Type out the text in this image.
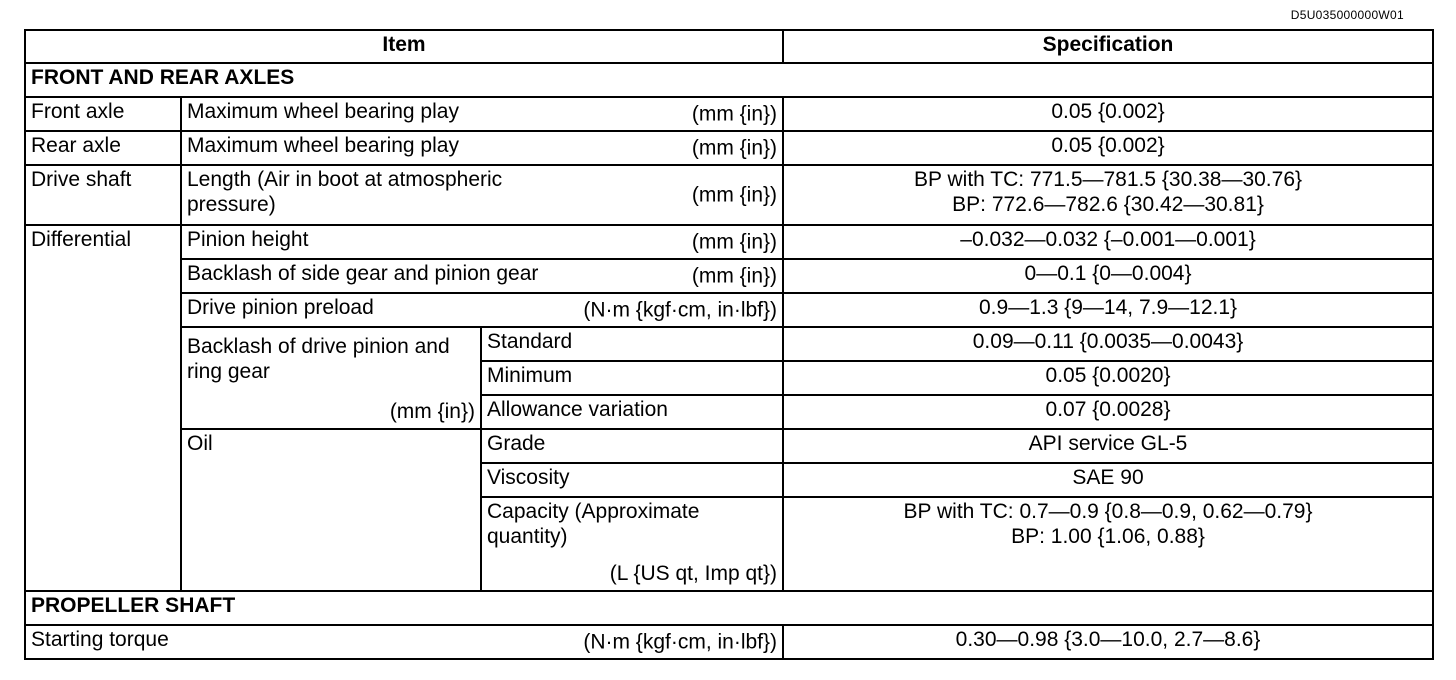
D5U035000000W01
Item			Specification
FRONT AND REAR AXLES			
Front axle	Maximum wheel bearing play (mm {in})		0.05 {0.002}
Rear axle	Maximum wheel bearing play (mm {in})		0.05 {0.002}
Drive shaft	Length (Air in boot at atmospheric pressure) (mm {in})		BP with TC: 771.5—781.5 {30.38—30.76}
BP: 772.6—782.6 {30.42—30.81}

Differential	Pinion height (mm {in})		–0.032—0.032 {–0.001—0.001}

	Backlash of side gear and pinion gear (mm {in})		0—0.1 {0—0.004}

	Drive pinion preload (N·m {kgf·cm, in·lbf})		0.9—1.3 {9—14, 7.9—12.1}

	Backlash of drive pinion and ring gear
(mm {in})	Standard	0.09—0.11 {0.0035—0.0043}
		Minimum	0.05 {0.0020}
		Allowance variation	0.07 {0.0028}
	Oil	Grade	API service GL-5
		Viscosity	SAE 90

		Capacity (Approximate quantity)
(L {US qt, Imp qt})	BP with TC: 0.7—0.9 {0.8—0.9, 0.62—0.79}
BP: 1.00 {1.06, 0.88}

PROPELLER SHAFT			

Starting torque (N·m {kgf·cm, in·lbf})			0.30—0.98 {3.0—10.0, 2.7—8.6}
